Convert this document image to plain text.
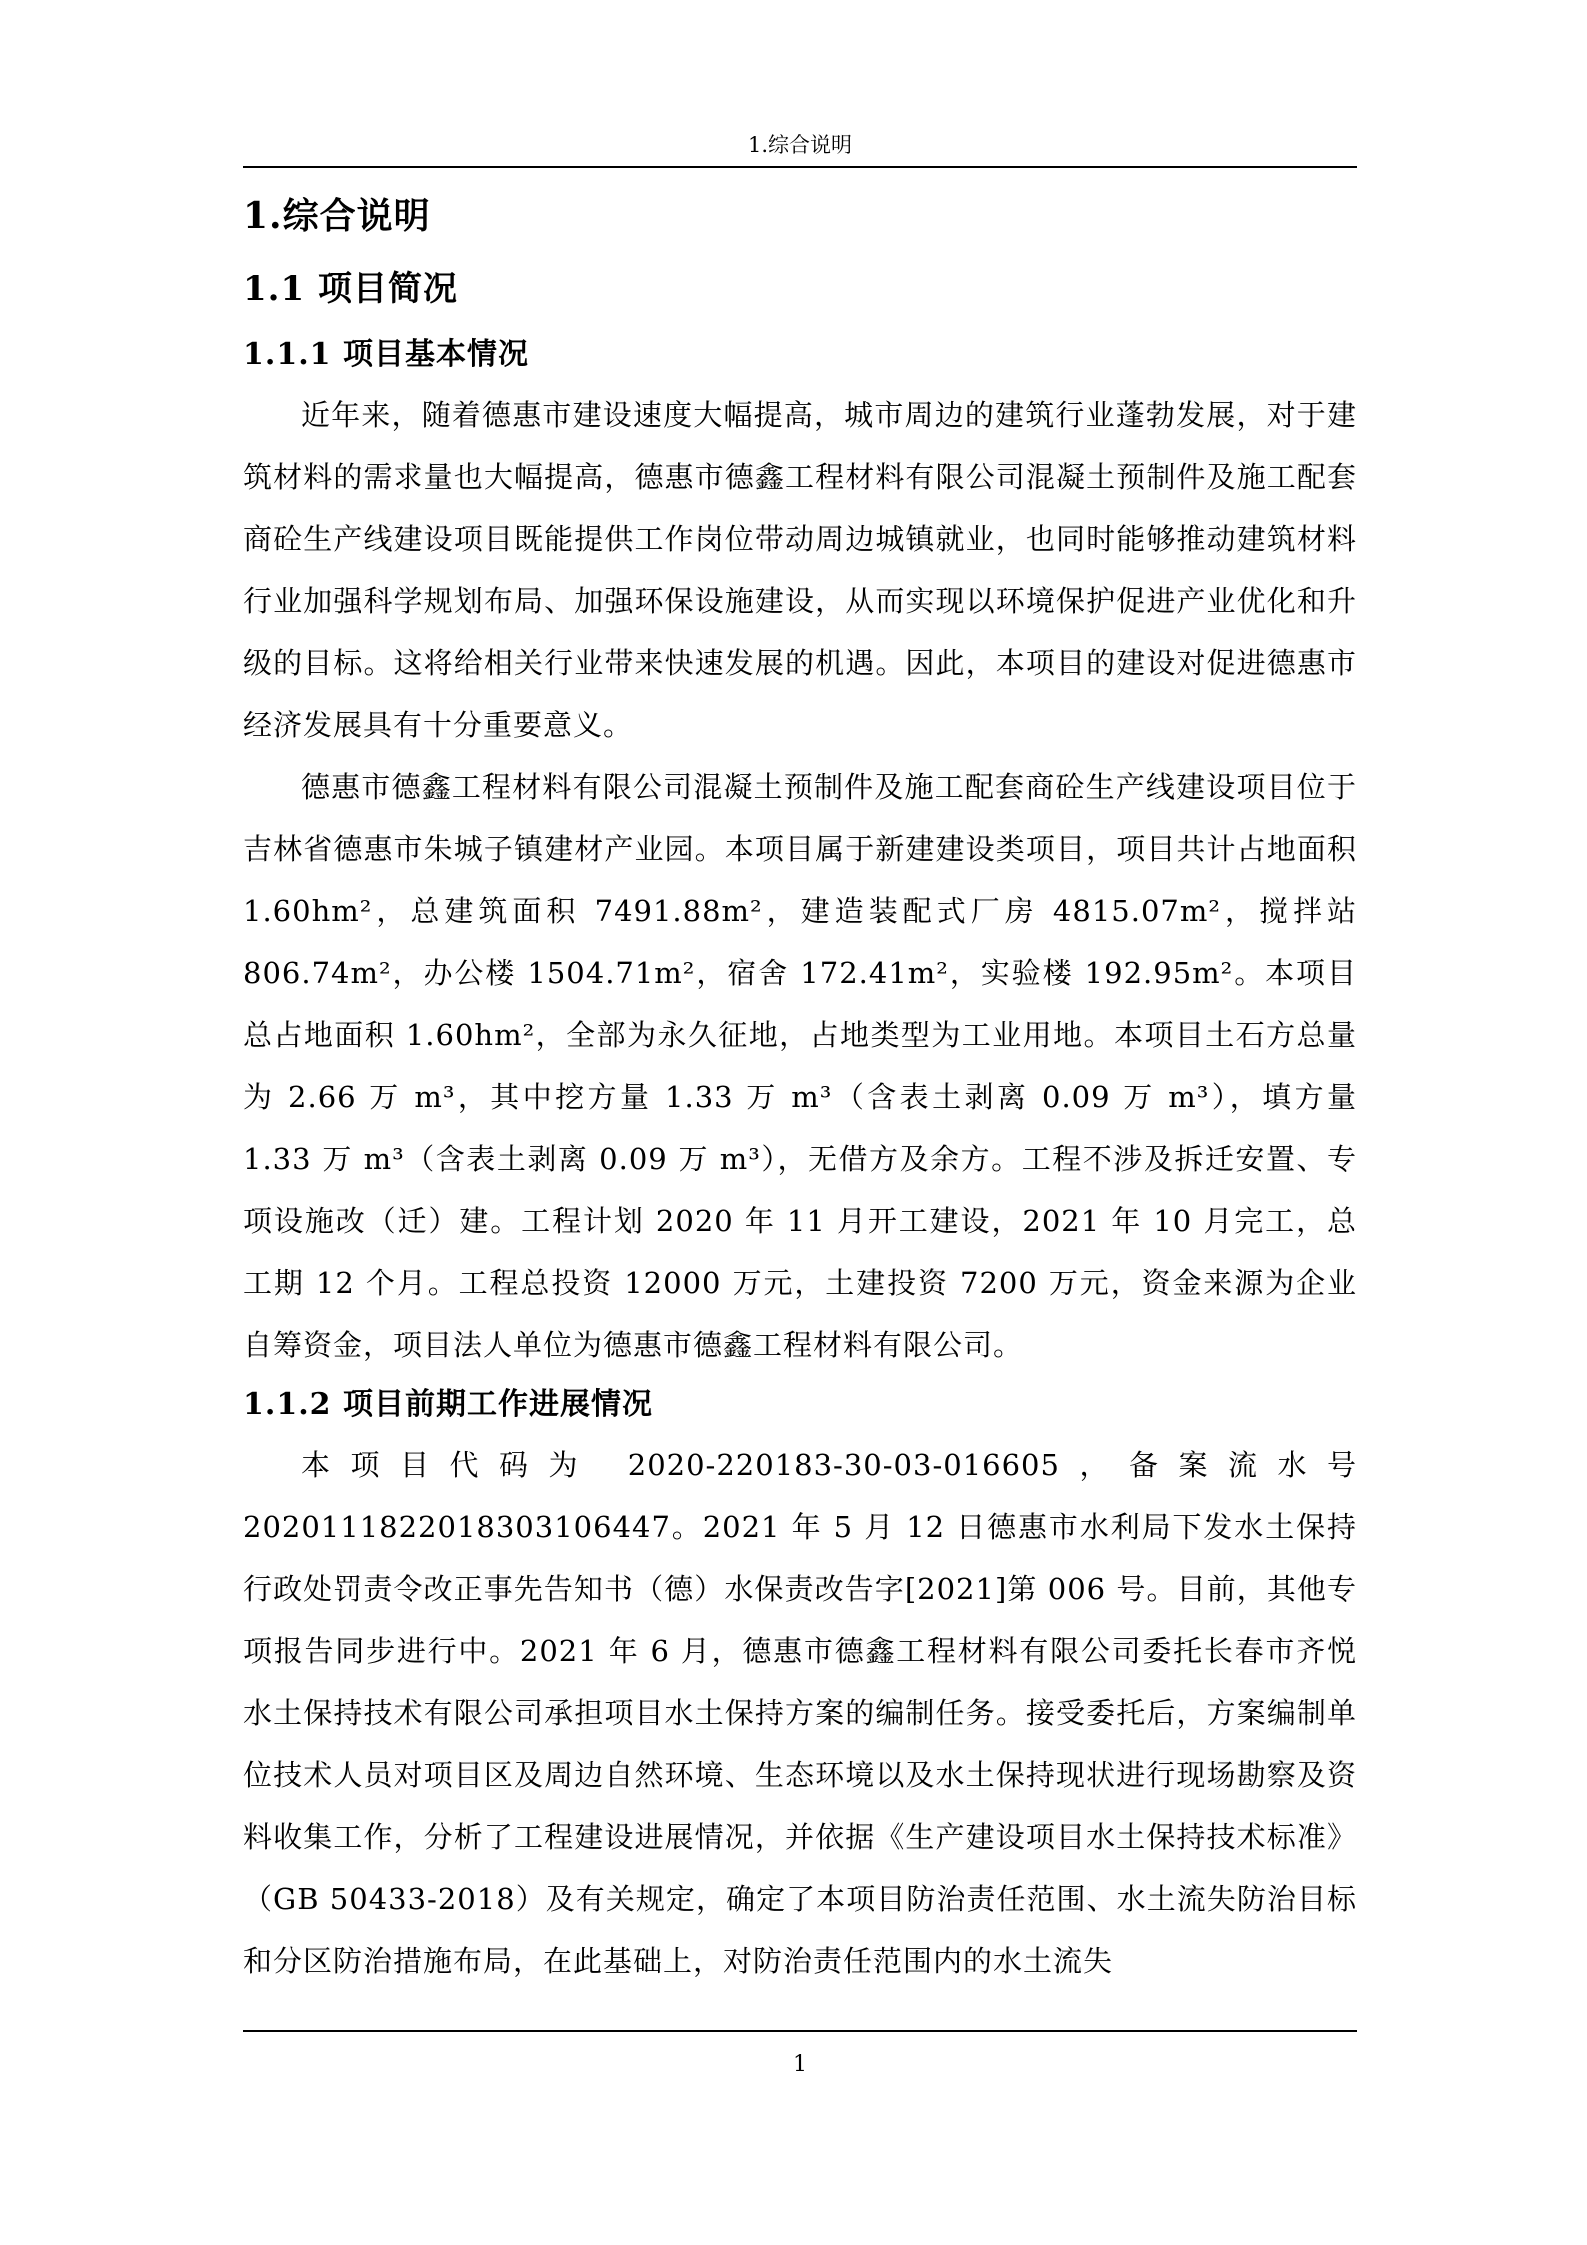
1.综合说明
1.综合说明
1.1 项目简况
1.1.1 项目基本情况

近年来，随着德惠市建设速度大幅提高，城市周边的建筑行业蓬勃发展，对于建筑材料的需求量也大幅提高，德惠市德鑫工程材料有限公司混凝土预制件及施工配套商砼生产线建设项目既能提供工作岗位带动周边城镇就业，也同时能够推动建筑材料行业加强科学规划布局、加强环保设施建设，从而实现以环境保护促进产业优化和升级的目标。这将给相关行业带来快速发展的机遇。因此，本项目的建设对促进德惠市经济发展具有十分重要意义。

德惠市德鑫工程材料有限公司混凝土预制件及施工配套商砼生产线建设项目位于吉林省德惠市朱城子镇建材产业园。本项目属于新建建设类项目，项目共计占地面积 1.60hm²，总建筑面积 7491.88m²，建造装配式厂房 4815.07m²，搅拌站 806.74m²，办公楼 1504.71m²，宿舍 172.41m²，实验楼 192.95m²。本项目总占地面积 1.60hm²，全部为永久征地，占地类型为工业用地。本项目土石方总量为 2.66 万 m³，其中挖方量 1.33 万 m³（含表土剥离 0.09 万 m³），填方量 1.33 万 m³（含表土剥离 0.09 万 m³），无借方及余方。工程不涉及拆迁安置、专项设施改（迁）建。工程计划 2020 年 11 月开工建设，2021 年 10 月完工，总工期 12 个月。工程总投资 12000 万元，土建投资 7200 万元，资金来源为企业自筹资金，项目法人单位为德惠市德鑫工程材料有限公司。

1.1.2 项目前期工作进展情况

本项目代码为 2020-220183-30-03-016605，备案流水号 2020111822018303106447。2021 年 5 月 12 日德惠市水利局下发水土保持行政处罚责令改正事先告知书（德）水保责改告字[2021]第 006 号。目前，其他专项报告同步进行中。2021 年 6 月，德惠市德鑫工程材料有限公司委托长春市齐悦水土保持技术有限公司承担项目水土保持方案的编制任务。接受委托后，方案编制单位技术人员对项目区及周边自然环境、生态环境以及水土保持现状进行现场勘察及资料收集工作，分析了工程建设进展情况，并依据《生产建设项目水土保持技术标准》（GB 50433-2018）及有关规定，确定了本项目防治责任范围、水土流失防治目标和分区防治措施布局，在此基础上，对防治责任范围内的水土流失

1
